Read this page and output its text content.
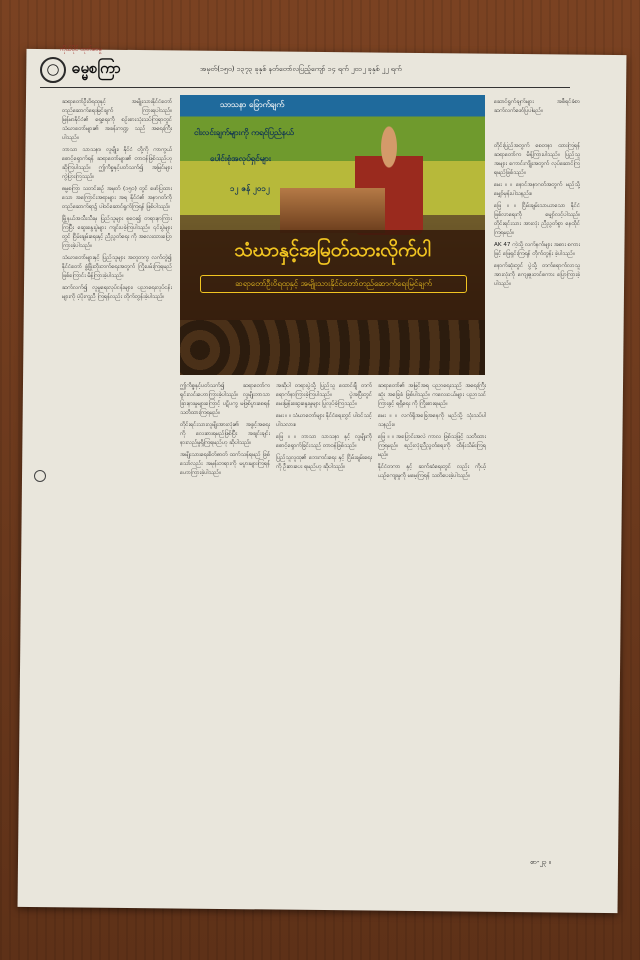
ကိုယ်ပိုင် ထုတ်ဝေမှု
ဓမ္မစကြာ	အမှတ်(၁၅၀) ၁၃၇၃ ခုနှစ် နတ်တော်လပြည့်ကျော် ၁၄ ရက် ၂၀၁၂ ခုနှစ် ၂၂ ရက်
သာသနာ ခြောက်ချက်
ငါးလင်းချက်များကို ကရင်ပြည်နယ်
ပေါင်းစုံအလုပ်ရှင်များ
၁၂ ဇန် ၂၀၁၂
သံဃာနှင့်အမြတ်သားလိုက်ပါ
ဆရာတော်ဦးဝိရထုနှင့် အမျိုးသားနိုင်ငံတော်တည်ဆောက်ရေးမြင်ချက်

ဆရာတော်ဦးဝိရထုနှင့် အမျိုးသားနိုင်ငံတော် တည်ဆောက်ရေးမြင်ချက် ကြားရပါသည်။ မြန်မာနိုင်ငံ၏ ရှေ့ရေးကို စဉ်းစားသုံးသပ်ကြရာတွင် သံဃာတော်များ၏ အခန်းကဏ္ဍ သည် အရေးကြီးပါသည်။

ဘာသာ သာသနာ၊ လူမျိုး၊ နိုင်ငံ တို့ကို ကာကွယ်စောင့်ရှောက်ရန် ဆရာတော်များ၏ တာဝန်ဖြစ်သည်ဟု ဆိုကြပါသည်။ ဤကိစ္စနှင့်ပတ်သက်၍ အမြင်များ ကွဲပြားကြသည်။

ဓမ္မစကြာ သတင်းစဉ် အမှတ် (၁၅၀) တွင် ဖော်ပြထားသော အကြောင်းအရာများ အရ နိုင်ငံ၏ အနာဂတ်ကို တည်ဆောက်ရာ၌ ပါဝင်ဆောင်ရွက်ကြရန် ဖြစ်ပါသည်။

မြို့နယ်အသီးသီးမှ ပြည်သူများ စုဝေး၍ တရားနာကြားကြပြီး ဆွေးနွေးပွဲများ ကျင်းပခဲ့ကြပါသည်။ ၎င်းပွဲများတွင် ငြိမ်းချမ်းရေးနှင့် ညီညွတ်ရေး ကို အလေးထားပြောကြားခဲ့ပါသည်။

သံဃာတော်များနှင့် ပြည်သူများ အတူတကွ လက်တွဲ၍ နိုင်ငံတော် ဖွံ့ဖြိုးတိုးတက်ရေးအတွက် ကြိုးပမ်းကြရမည် ဖြစ်ကြောင်း မိန့်ကြားခဲ့ပါသည်။

ဆက်လက်၍ လူမှုရေးလုပ်ငန်းများ၊ ပညာရေးလုပ်ငန်းများကို ပံ့ပိုးကူညီ ကြရန်လည်း တိုက်တွန်းခဲ့ပါသည်။

ဤကိစ္စနှင့်ပတ်သက်၍ ဆရာတော်က ရှင်းလင်းဟောကြားခဲ့ပါသည်။ လူမျိုးဘာသာ ခြားနားမှုများကြောင့် ပဋိပက္ခ မဖြစ်ပွားစေရန် သတိထားကြရမည်။

တိုင်းရင်းသားလူမျိုးအားလုံး၏ အခွင့်အရေးကို လေးစားရမည်ဖြစ်ပြီး အချင်းချင်း နားလည်မှုရှိကြရမည်ဟု ဆိုပါသည်။

အမျိုးသားရေးစိတ်ဓာတ် ထက်သန်ရမည် ဖြစ်သော်လည်း အမုန်းတရားကို မပွားများကြရန် ဟောကြားခဲ့ပါသည်။

အဆိုပါ တရားပွဲသို့ ပြည်သူ ထောင်ချီ တက်ရောက်နာကြားခဲ့ကြပါသည်။ ပွဲအပြီးတွင် မေးမြန်းဆွေးနွေးမှုများ ပြုလုပ်ခဲ့ကြသည်။

မေး ။ ။ သံဃာတော်များ နိုင်ငံရေးတွင် ပါဝင်သင့်ပါသလား။

ဖြေ ။ ။ ဘာသာ သာသနာ နှင့် လူမျိုးကို စောင့်ရှောက်ခြင်းသည် တာဝန်ဖြစ်သည်။

ပြည်သူလူထု၏ ဘေးကင်းရေး နှင့် ငြိမ်းချမ်းရေးကို ဦးစားပေး ရမည်ဟု ဆိုပါသည်။

ဆရာတော်၏ အမြင်အရ ပညာရေးသည် အရေးကြီးဆုံး အခြေခံ ဖြစ်ပါသည်။ ကလေးငယ်များ ပညာသင်ကြားခွင့် ရရှိရေး ကို ကြိုးစားရမည်။

မေး ။ ။ လက်ရှိအခြေအနေကို မည်သို့ သုံးသပ်ပါသနည်း။

ဖြေ ။ ။ အပြောင်းအလဲ ကာလ ဖြစ်သဖြင့် သတိထားကြရမည်။ စည်းလုံးညီညွတ်ရေးကို ထိန်းသိမ်းကြရမည်။

နိုင်ငံတကာ နှင့် ဆက်ဆံရေးတွင် လည်း ကိုယ့်ယဉ်ကျေးမှုကို မမေ့ကြရန် သတိပေးခဲ့ပါသည်။

ဆောင်ရွက်ချက်များ အစီရင်ခံစာ ဆက်လက်ဖော်ပြပါမည်။

တိုင်းပြည်အတွက် စေတနာ ထားကြရန် ဆရာတော်က မိန့်ကြားပါသည်။ ပြည်သူအများ ကောင်းကျိုးအတွက် လုပ်ဆောင်ကြရမည်ဖြစ်သည်။

မေး ။ ။ နောင်အနာဂတ်အတွက် မည်သို့ မျှော်မှန်းပါသနည်း။

ဖြေ ။ ။ ငြိမ်းချမ်းသာယာသော နိုင်ငံ ဖြစ်လာရေးကို မျှော်လင့်ပါသည်။ တိုင်းရင်းသား အားလုံး ညီညွတ်စွာ နေထိုင်ကြရမည်။

AK 47 ကဲ့သို့ လက်နက်များ အစား စကားဖြင့် ဖြေရှင်းကြရန် တိုက်တွန်း ခဲ့ပါသည်။

နောက်ဆုံးတွင် ပွဲသို့ တက်ရောက်လာသူ အားလုံးကို ကျေးဇူးတင်စကား ပြောကြားခဲ့ပါသည်။

စာ-၂၃ ။
